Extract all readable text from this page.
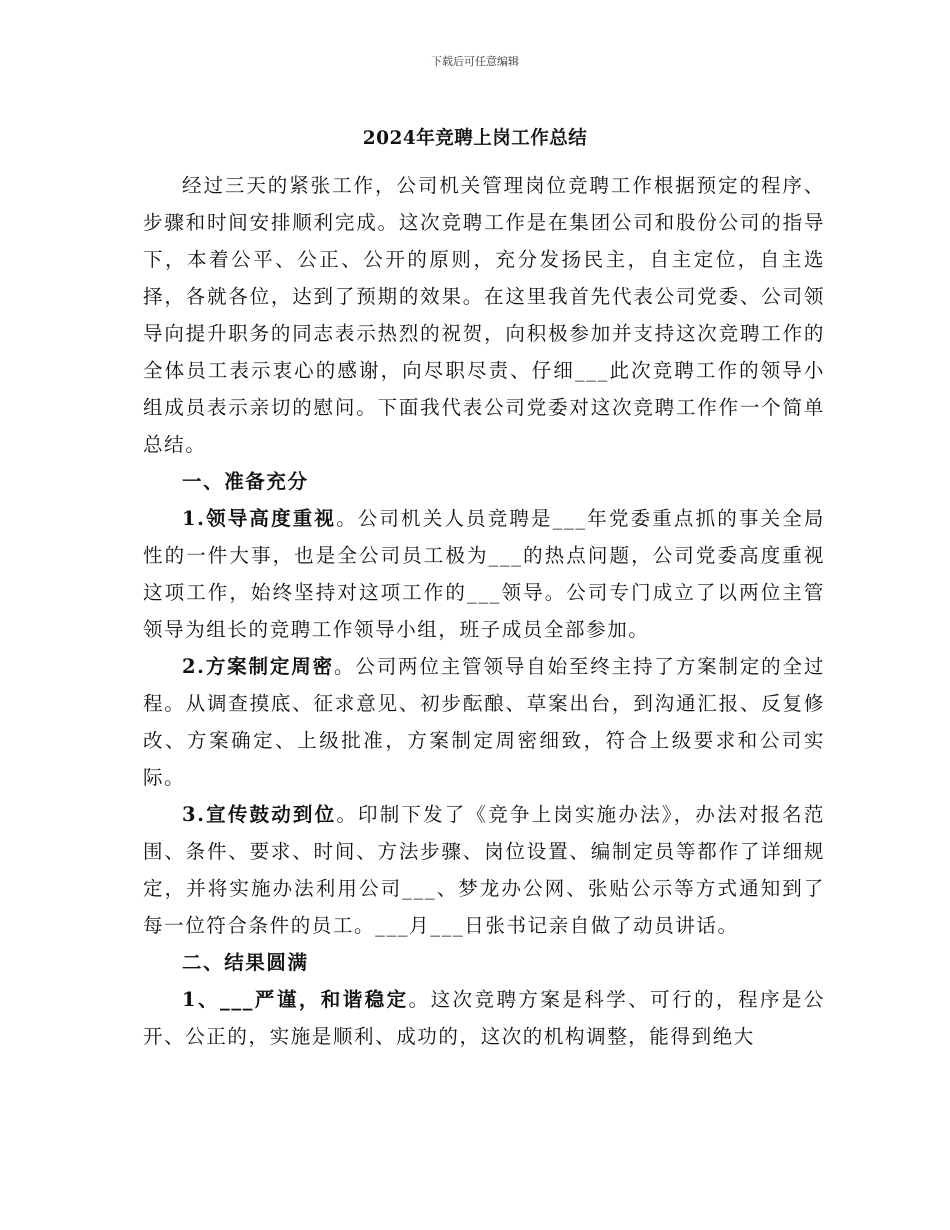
下载后可任意编辑
2024年竞聘上岗工作总结

经过三天的紧张工作，公司机关管理岗位竞聘工作根据预定的程序、步骤和时间安排顺利完成。这次竞聘工作是在集团公司和股份公司的指导下，本着公平、公正、公开的原则，充分发扬民主，自主定位，自主选择，各就各位，达到了预期的效果。在这里我首先代表公司党委、公司领导向提升职务的同志表示热烈的祝贺，向积极参加并支持这次竞聘工作的全体员工表示衷心的感谢，向尽职尽责、仔细___此次竞聘工作的领导小组成员表示亲切的慰问。下面我代表公司党委对这次竞聘工作作一个简单总结。

一、准备充分

1.领导高度重视。公司机关人员竞聘是___年党委重点抓的事关全局性的一件大事，也是全公司员工极为___的热点问题，公司党委高度重视这项工作，始终坚持对这项工作的___领导。公司专门成立了以两位主管领导为组长的竞聘工作领导小组，班子成员全部参加。

2.方案制定周密。公司两位主管领导自始至终主持了方案制定的全过程。从调查摸底、征求意见、初步酝酿、草案出台，到沟通汇报、反复修改、方案确定、上级批准，方案制定周密细致，符合上级要求和公司实际。

3.宣传鼓动到位。印制下发了《竞争上岗实施办法》，办法对报名范围、条件、要求、时间、方法步骤、岗位设置、编制定员等都作了详细规定，并将实施办法利用公司___、梦龙办公网、张贴公示等方式通知到了每一位符合条件的员工。___月___日张书记亲自做了动员讲话。

二、结果圆满

1、___严谨，和谐稳定。这次竞聘方案是科学、可行的，程序是公开、公正的，实施是顺利、成功的，这次的机构调整，能得到绝大
